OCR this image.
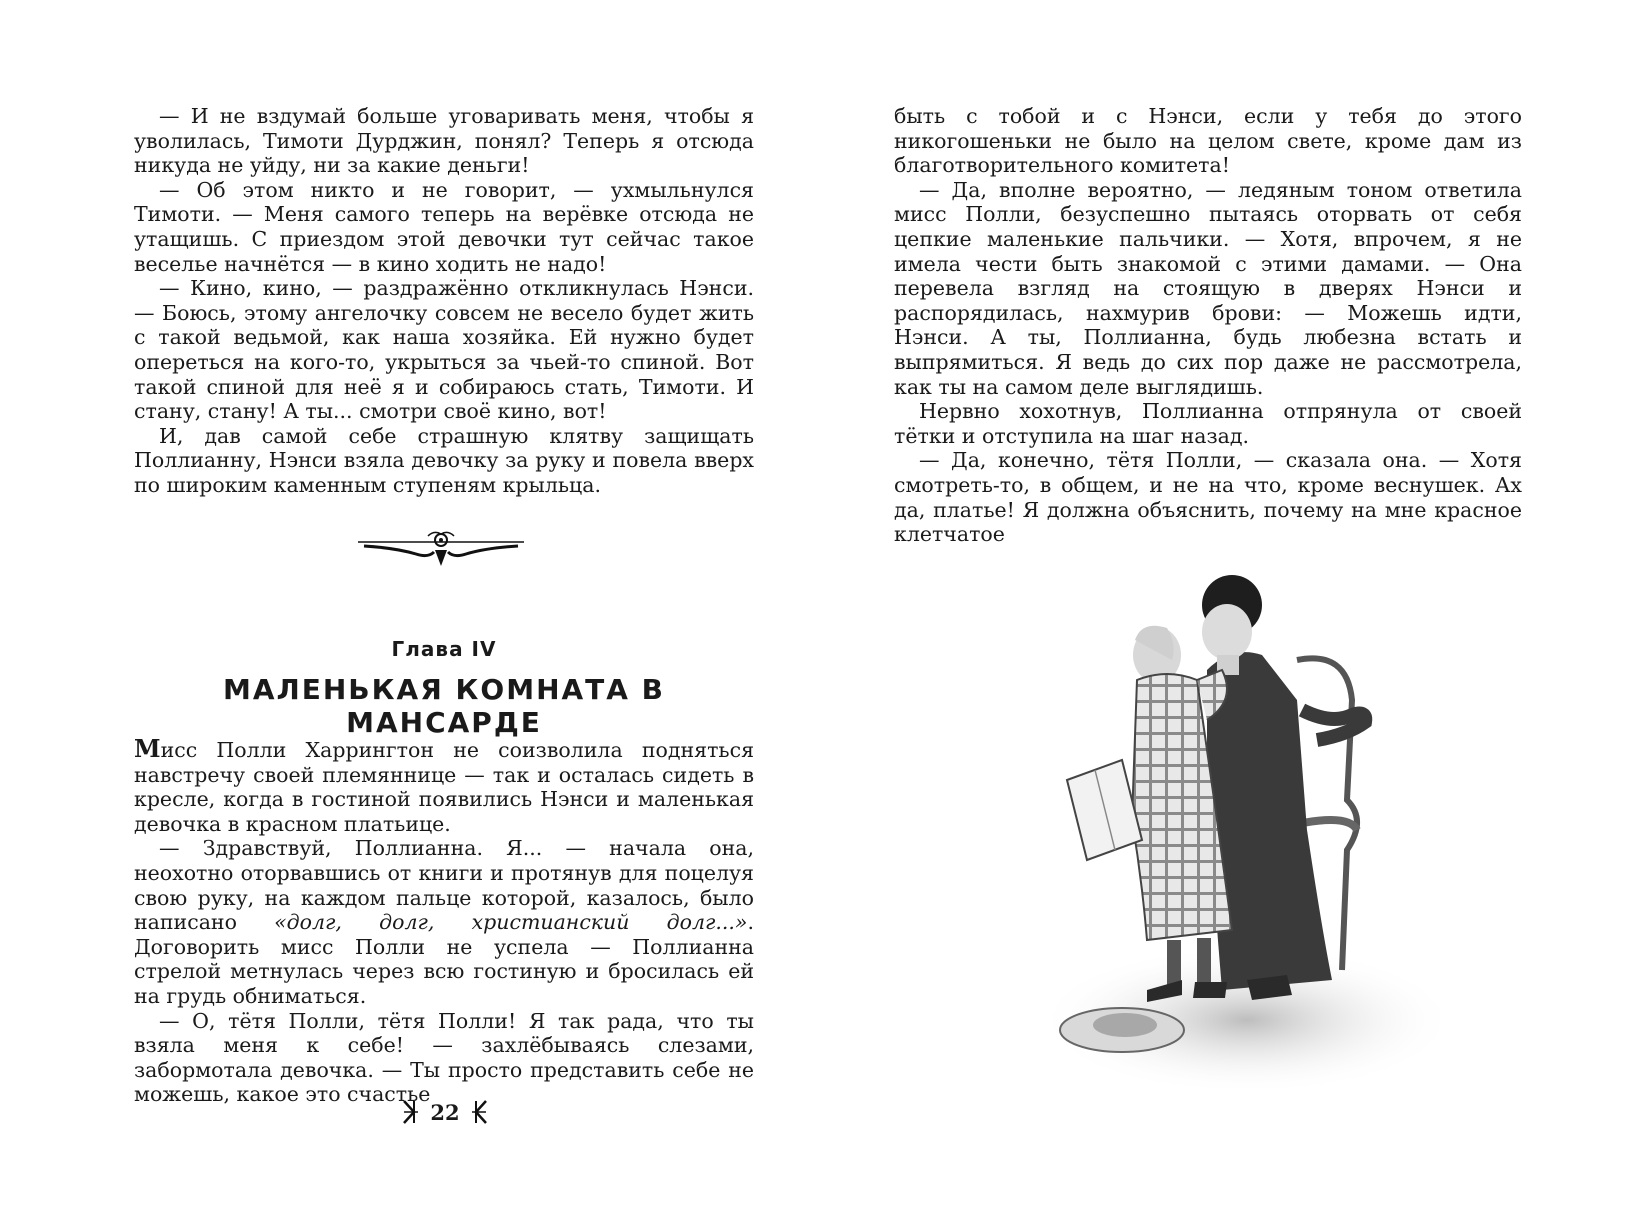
— И не вздумай больше уговаривать меня, чтобы я уволилась, Тимоти Дурджин, понял? Теперь я отсюда никуда не уйду, ни за какие деньги!

— Об этом никто и не говорит, — ухмыльнулся Тимоти. — Меня самого теперь на верёвке отсюда не утащишь. С приездом этой девочки тут сейчас такое веселье начнётся — в кино ходить не надо!

— Кино, кино, — раздражённо откликнулась Нэнси. — Боюсь, этому ангелочку совсем не весело будет жить с такой ведьмой, как наша хозяйка. Ей нужно будет опереться на кого-то, укрыться за чьей-то спиной. Вот такой спиной для неё я и собираюсь стать, Тимоти. И стану, стану! А ты... смотри своё кино, вот!

И, дав самой себе страшную клятву защищать Поллианну, Нэнси взяла девочку за руку и повела вверх по широким каменным ступеням крыльца.

Глава IV
МАЛЕНЬКАЯ КОМНАТА В МАНСАРДЕ

Мисс Полли Харрингтон не соизволила подняться навстречу своей племяннице — так и осталась сидеть в кресле, когда в гостиной появились Нэнси и маленькая девочка в красном платьице.

— Здравствуй, Поллианна. Я... — начала она, неохотно оторвавшись от книги и протянув для поцелуя свою руку, на каждом пальце которой, казалось, было написано «долг, долг, христианский долг...». Договорить мисс Полли не успела — Поллианна стрелой метнулась через всю гостиную и бросилась ей на грудь обниматься.

— О, тётя Полли, тётя Полли! Я так рада, что ты взяла меня к себе! — захлёбываясь слезами, забормотала девочка. — Ты просто представить себе не можешь, какое это счастье

22

быть с тобой и с Нэнси, если у тебя до этого никогошеньки не было на целом свете, кроме дам из благотворительного комитета!

— Да, вполне вероятно, — ледяным тоном ответила мисс Полли, безуспешно пытаясь оторвать от себя цепкие маленькие пальчики. — Хотя, впрочем, я не имела чести быть знакомой с этими дамами. — Она перевела взгляд на стоящую в дверях Нэнси и распорядилась, нахмурив брови: — Можешь идти, Нэнси. А ты, Поллианна, будь любезна встать и выпрямиться. Я ведь до сих пор даже не рассмотрела, как ты на самом деле выглядишь.

Нервно хохотнув, Поллианна отпрянула от своей тётки и отступила на шаг назад.

— Да, конечно, тётя Полли, — сказала она. — Хотя смотреть-то, в общем, и не на что, кроме веснушек. Ах да, платье! Я должна объяснить, почему на мне красное клетчатое
